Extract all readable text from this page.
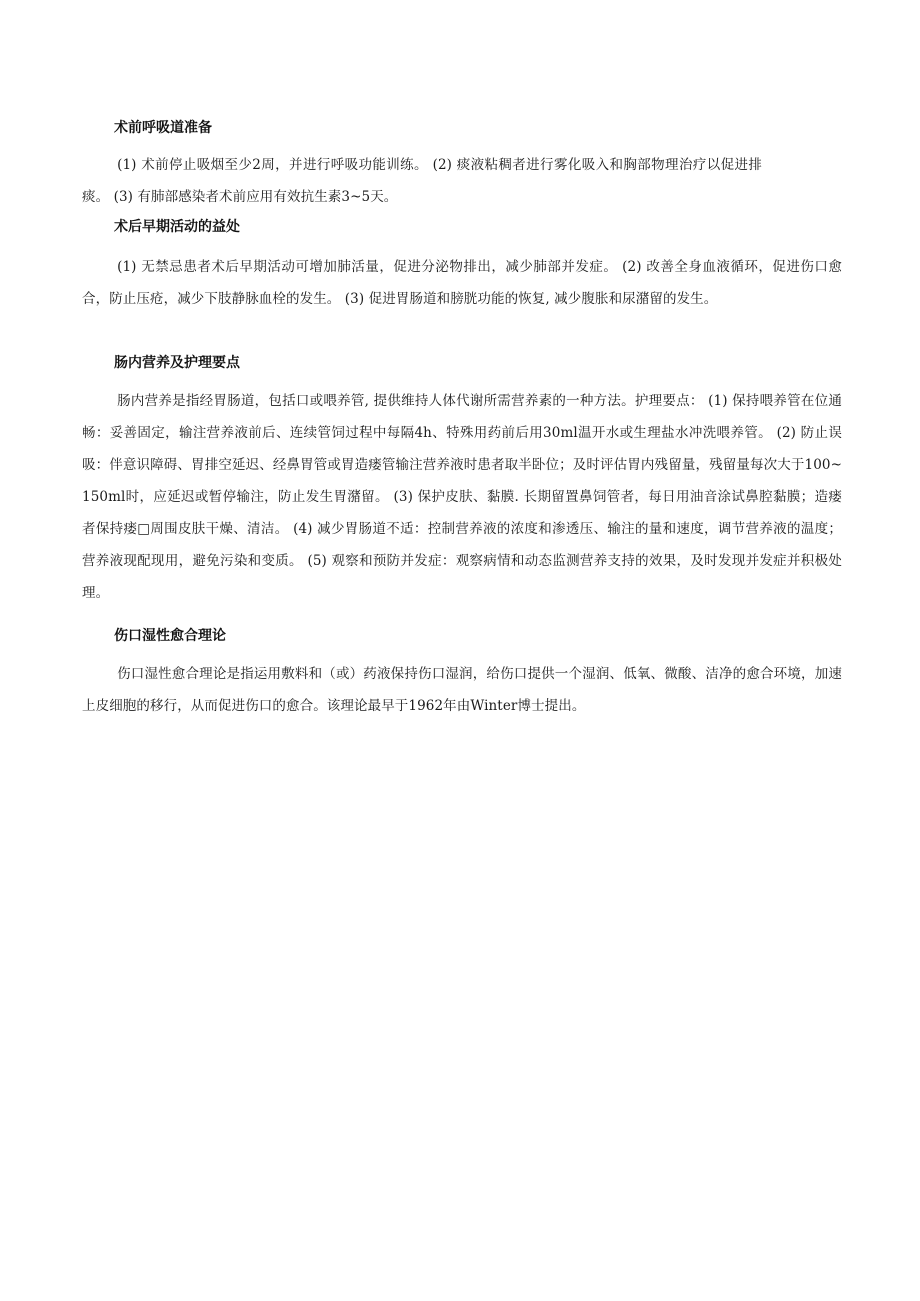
术前呼吸道准备

(1) 术前停止吸烟至少2周，并进行呼吸功能训练。 (2) 痰液粘稠者进行雾化吸入和胸部物理治疗以促进排痰。 (3) 有肺部感染者术前应用有效抗生素3~5天。

术后早期活动的益处

(1) 无禁忌患者术后早期活动可增加肺活量，促进分泌物排出，减少肺部并发症。 (2) 改善全身血液循环，促进伤口愈合，防止压疮，减少下肢静脉血栓的发生。 (3) 促进胃肠道和膀胱功能的恢复, 减少腹胀和尿潴留的发生。

肠内营养及护理要点

肠内营养是指经胃肠道，包括口或喂养管, 提供维持人体代谢所需营养素的一种方法。护理要点： (1) 保持喂养管在位通畅：妥善固定，输注营养液前后、连续管饲过程中每隔4h、特殊用药前后用30ml温开水或生理盐水冲洗喂养管。 (2) 防止误吸：伴意识障碍、胃排空延迟、经鼻胃管或胃造瘘管输注营养液时患者取半卧位；及时评估胃内残留量，残留量每次大于100~150ml时，应延迟或暂停输注，防止发生胃潴留。 (3) 保护皮肤、黏膜. 长期留置鼻饲管者，每日用油音涂试鼻腔黏膜；造瘘者保持瘘□周围皮肤干燥、清洁。 (4) 减少胃肠道不适：控制营养液的浓度和渗透压、输注的量和速度，调节营养液的温度；营养液现配现用，避免污染和变质。 (5) 观察和预防并发症：观察病情和动态监测营养支持的效果，及时发现并发症并积极处理。

伤口湿性愈合理论

伤口湿性愈合理论是指运用敷料和（或）药液保持伤口湿润，给伤口提供一个湿润、低氧、微酸、洁净的愈合环境，加速上皮细胞的移行，从而促进伤口的愈合。该理论最早于1962年由Winter博士提出。
